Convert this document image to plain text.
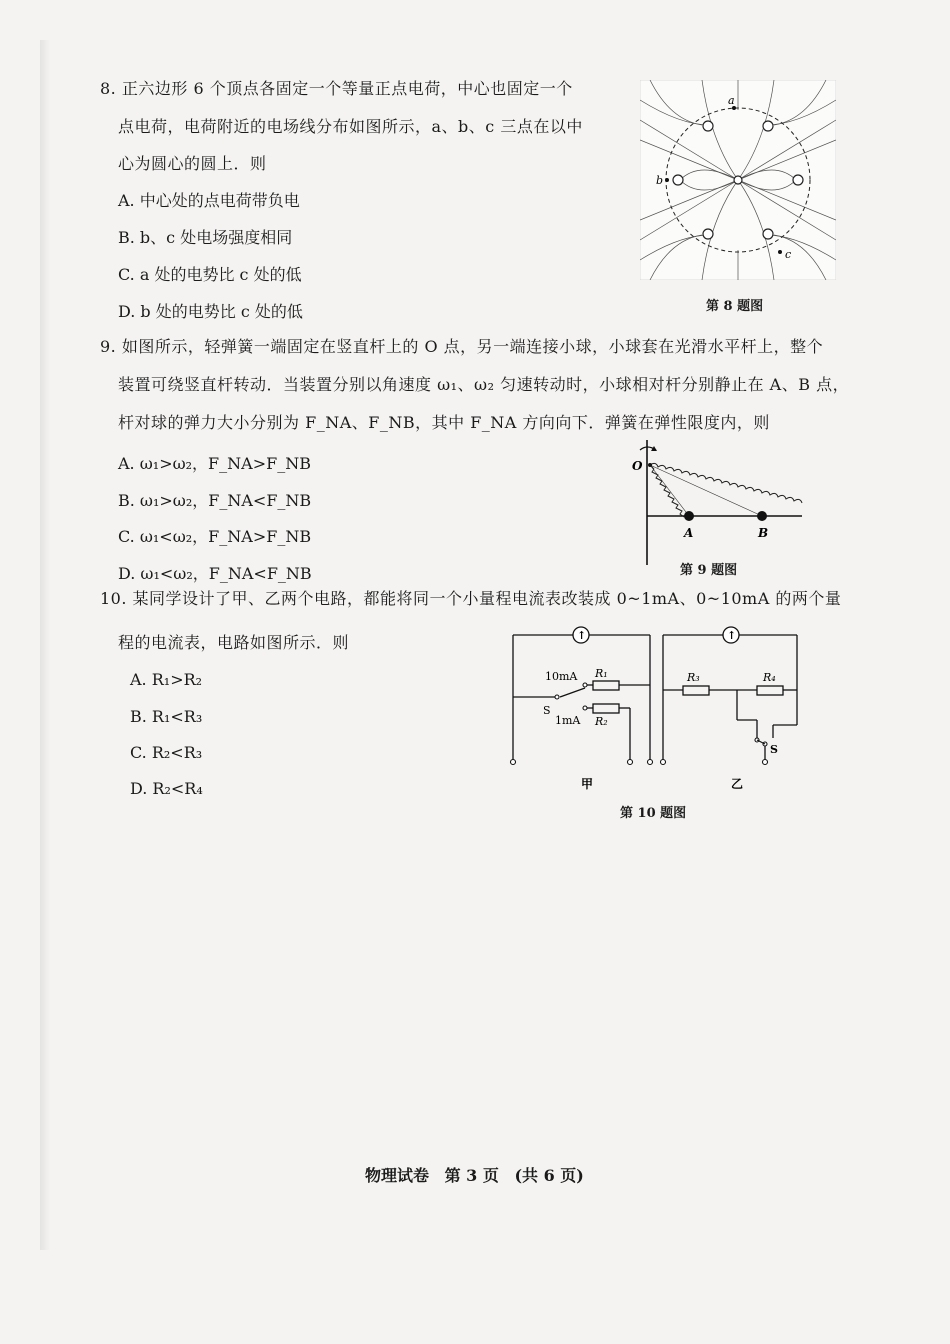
8. 正六边形 6 个顶点各固定一个等量正点电荷，中心也固定一个
点电荷，电荷附近的电场线分布如图所示，a、b、c 三点在以中
心为圆心的圆上．则
A. 中心处的点电荷带负电
B. b、c 处电场强度相同
C. a 处的电势比 c 处的低
D. b 处的电势比 c 处的低
a
b
c
第 8 题图
9. 如图所示，轻弹簧一端固定在竖直杆上的 O 点，另一端连接小球，小球套在光滑水平杆上，整个
装置可绕竖直杆转动．当装置分别以角速度 ω₁、ω₂ 匀速转动时，小球相对杆分别静止在 A、B 点，
杆对球的弹力大小分别为 F_NA、F_NB，其中 F_NA 方向向下．弹簧在弹性限度内，则
A. ω₁>ω₂，F_NA>F_NB
B. ω₁>ω₂，F_NA<F_NB
C. ω₁<ω₂，F_NA>F_NB
D. ω₁<ω₂，F_NA<F_NB
O
A	B
第 9 题图
10. 某同学设计了甲、乙两个电路，都能将同一个小量程电流表改装成 0~1mA、0~10mA 的两个量
程的电流表，电路如图所示．则
A. R₁>R₂
B. R₁<R₃
C. R₂<R₃
D. R₂<R₄
↑	↑
10mA R₁
S
1mA R₂
R₃	R₄
S
甲	乙
第 10 题图
物理试卷 第 3 页 (共 6 页)
